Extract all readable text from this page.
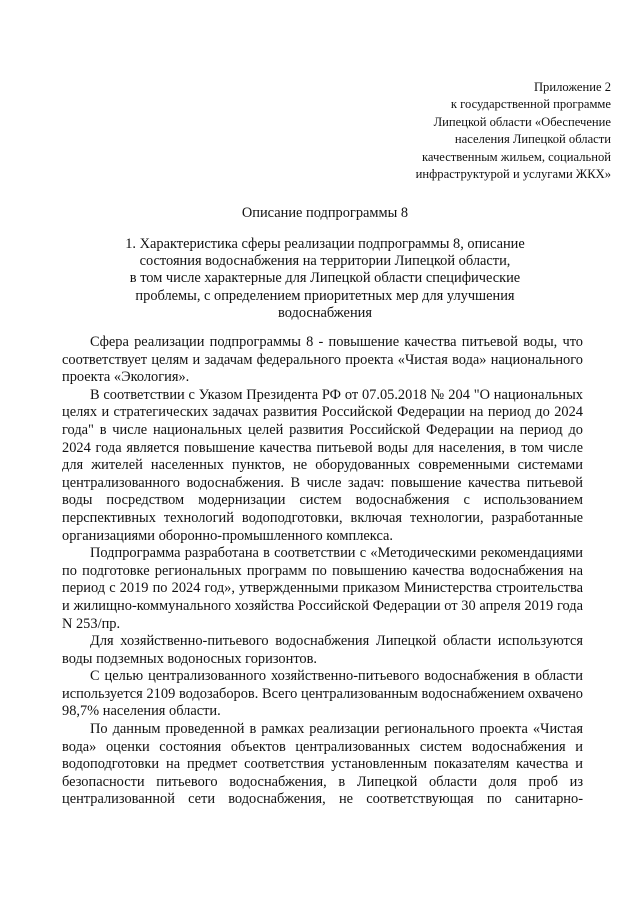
Приложение 2
к государственной программе
Липецкой области «Обеспечение
населения Липецкой области
качественным жильем, социальной
инфраструктурой и услугами ЖКХ»
Описание подпрограммы 8
1. Характеристика сферы реализации подпрограммы 8, описание
состояния водоснабжения на территории Липецкой области,
в том числе характерные для Липецкой области специфические
проблемы, с определением приоритетных мер для улучшения
водоснабжения

Сфера реализации подпрограммы 8 - повышение качества питьевой воды, что

соответствует целям и задачам федерального проекта «Чистая вода» национального

проекта «Экология».

В соответствии с Указом Президента РФ от 07.05.2018 № 204 "О национальных

целях и стратегических задачах развития Российской Федерации на период до 2024

года" в числе национальных целей развития Российской Федерации на период до

2024 года является повышение качества питьевой воды для населения, в том числе

для жителей населенных пунктов, не оборудованных современными системами

централизованного водоснабжения. В числе задач: повышение качества питьевой

воды посредством модернизации систем водоснабжения с использованием

перспективных технологий водоподготовки, включая технологии, разработанные

организациями оборонно-промышленного комплекса.

Подпрограмма разработана в соответствии с «Методическими рекомендациями

по подготовке региональных программ по повышению качества водоснабжения на

период с 2019 по 2024 год», утвержденными приказом Министерства строительства

и жилищно-коммунального хозяйства Российской Федерации от 30 апреля 2019 года

N 253/пр.

Для хозяйственно-питьевого водоснабжения Липецкой области используются

воды подземных водоносных горизонтов.

С целью централизованного хозяйственно-питьевого водоснабжения в области

используется 2109 водозаборов. Всего централизованным водоснабжением охвачено

98,7% населения области.

По данным проведенной в рамках реализации регионального проекта «Чистая

вода» оценки состояния объектов централизованных систем водоснабжения и

водоподготовки на предмет соответствия установленным показателям качества и

безопасности питьевого водоснабжения, в Липецкой области доля проб из

централизованной сети водоснабжения, не соответствующая по санитарно-
